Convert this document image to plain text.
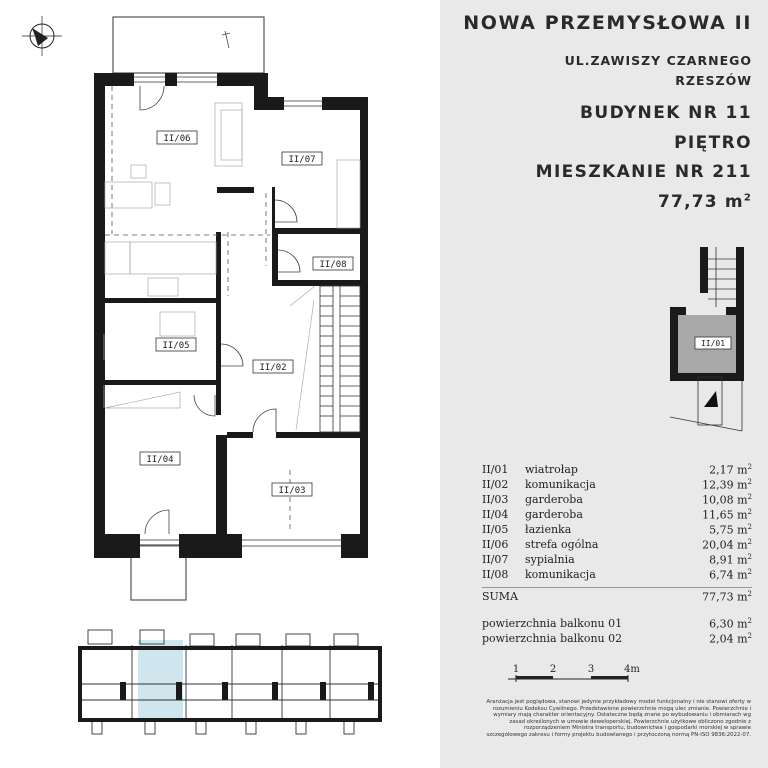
II/06
II/07
II/08
II/05
II/02
II/04
II/03
NOWA PRZEMYSŁOWA II
UL.ZAWISZY CZARNEGO
RZESZÓW
BUDYNEK NR 11
PIĘTRO
MIESZKANIE NR 211
77,73 $m^2$
II/01
II/01 wiatrołap	2,17 $m^2$
II/02 komunikacja	12,39 $m^2$
II/03 garderoba	10,08 $m^2$
II/04 garderoba	11,65 $m^2$
II/05 łazienka	5,75 $m^2$
II/06 strefa ogólna	20,04 $m^2$
II/07 sypialnia	8,91 $m^2$
II/08 komunikacja	6,74 $m^2$
SUMA	77,73 $m^2$
powierzchnia balkonu 01	6,30 $m^2$
powierzchnia balkonu 02	2,04 $m^2$
1	2	3	4m

Aranżacja jest poglądowa, stanowi jedynie przykładowy model funkcjonalny i nie stanowi oferty w rozumieniu Kodeksu Cywilnego. Przedstawione powierzchnie mogą ulec zmianie. Powierzchnie i wymiary mają charakter orientacyjny. Ostateczne będą znane po wybudowaniu i obmiarach wg zasad określonych w umowie deweloperskiej. Powierzchnie użytkowe obliczono zgodnie z rozporządzeniem Ministra transportu, budownictwa i gospodarki morskiej w sprawie szczegółowego zakresu i formy projektu budowlanego i przytoczoną normą PN-ISO 9836:2022-07.
